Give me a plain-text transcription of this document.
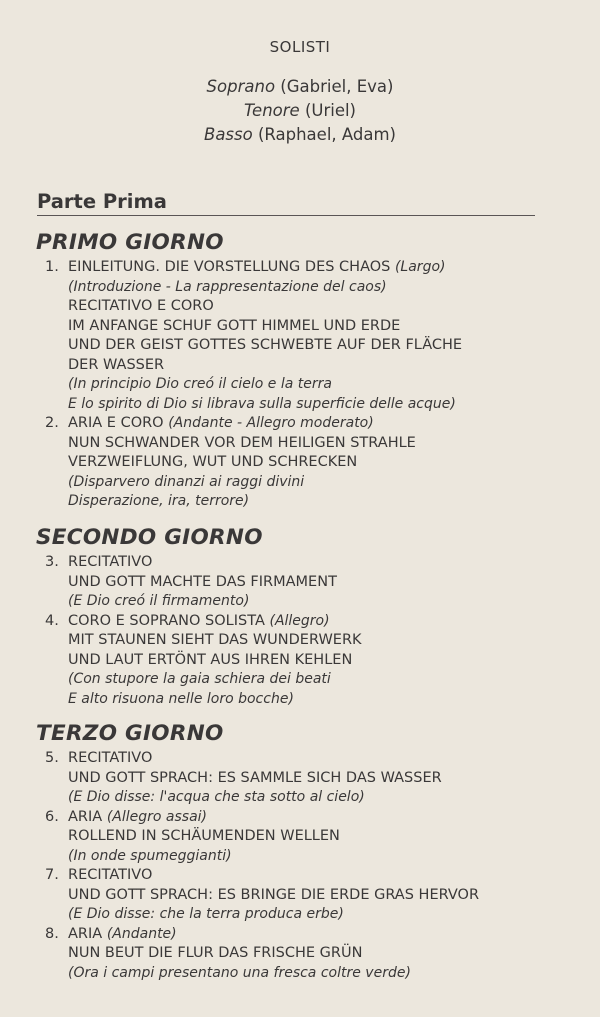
SOLISTI
Soprano (Gabriel, Eva)
Tenore (Uriel)
Basso (Raphael, Adam)
Parte Prima
PRIMO GIORNO
1. EINLEITUNG. DIE VORSTELLUNG DES CHAOS (Largo)
(Introduzione - La rappresentazione del caos)
RECITATIVO E CORO
IM ANFANGE SCHUF GOTT HIMMEL UND ERDE
UND DER GEIST GOTTES SCHWEBTE AUF DER FLÄCHE
DER WASSER
(In principio Dio creó il cielo e la terra
E lo spirito di Dio si librava sulla superficie delle acque)
2. ARIA E CORO (Andante - Allegro moderato)
NUN SCHWANDER VOR DEM HEILIGEN STRAHLE
VERZWEIFLUNG, WUT UND SCHRECKEN
(Disparvero dinanzi ai raggi divini
Disperazione, ira, terrore)
SECONDO GIORNO
3. RECITATIVO
UND GOTT MACHTE DAS FIRMAMENT
(E Dio creó il firmamento)
4. CORO E SOPRANO SOLISTA (Allegro)
MIT STAUNEN SIEHT DAS WUNDERWERK
UND LAUT ERTÖNT AUS IHREN KEHLEN
(Con stupore la gaia schiera dei beati
E alto risuona nelle loro bocche)
TERZO GIORNO
5. RECITATIVO
UND GOTT SPRACH: ES SAMMLE SICH DAS WASSER
(E Dio disse: l'acqua che sta sotto al cielo)
6. ARIA (Allegro assai)
ROLLEND IN SCHÄUMENDEN WELLEN
(In onde spumeggianti)
7. RECITATIVO
UND GOTT SPRACH: ES BRINGE DIE ERDE GRAS HERVOR
(E Dio disse: che la terra produca erbe)
8. ARIA (Andante)
NUN BEUT DIE FLUR DAS FRISCHE GRÜN
(Ora i campi presentano una fresca coltre verde)
